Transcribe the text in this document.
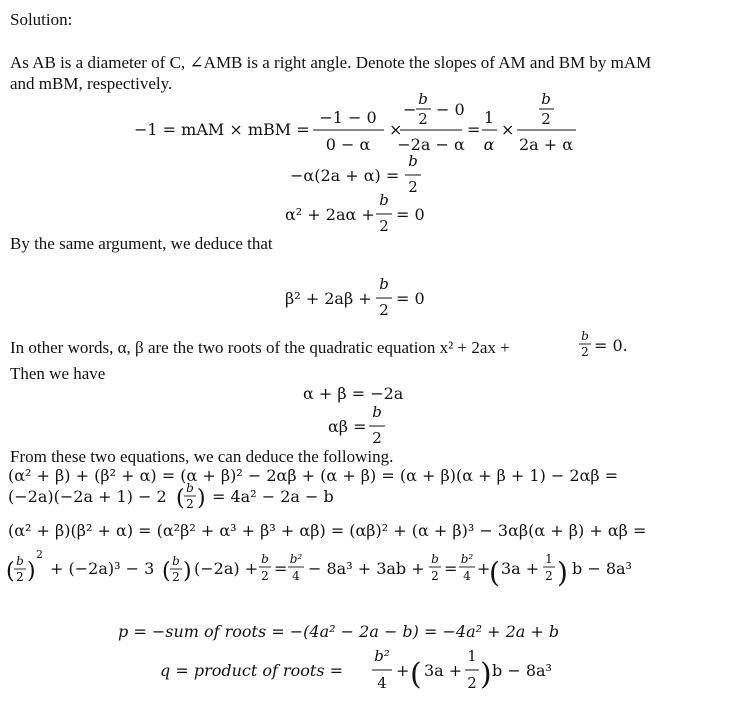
Solution:
As AB is a diameter of C, ∠AMB is a right angle. Denote the slopes of AM and BM by mAM
and mBM, respectively.
−1 = mAM × mBM =
−1 − 0
0 − α
×
−
b
2 − 0
−2a − α
=
1
α
×
b
2
2a + α
−α(2a + α) =
b
2
α² + 2aα +
b
2
= 0
β² + 2aβ +
b
2
= 0
b
2 = 0.
α + β = −2a
αβ =
b
2
(−2a)(−2a + 1) − 2 ( b
2 ) = 4a² − 2a − b
( b
2 )
2
+ (−2a)³ − 3 ( b
2 ) (−2a) + b
2 = b²
4 − 8a³ + 3ab + b
2 = b²
4 +
( 3a + 1
2 ) b − 8a³
q = product of roots =
b²
4
+ ( 3a +
1
2 ) b − 8a³
By the same argument, we deduce that
In other words, α, β are the two roots of the quadratic equation x² + 2ax +
Then we have
From these two equations, we can deduce the following.
(α² + β) + (β² + α) = (α + β)² − 2αβ + (α + β) = (α + β)(α + β + 1) − 2αβ =
(α² + β)(β² + α) = (α²β² + α³ + β³ + αβ) = (αβ)² + (α + β)³ − 3αβ(α + β) + αβ =
p = −sum of roots = −(4a² − 2a − b) = −4a² + 2a + b
